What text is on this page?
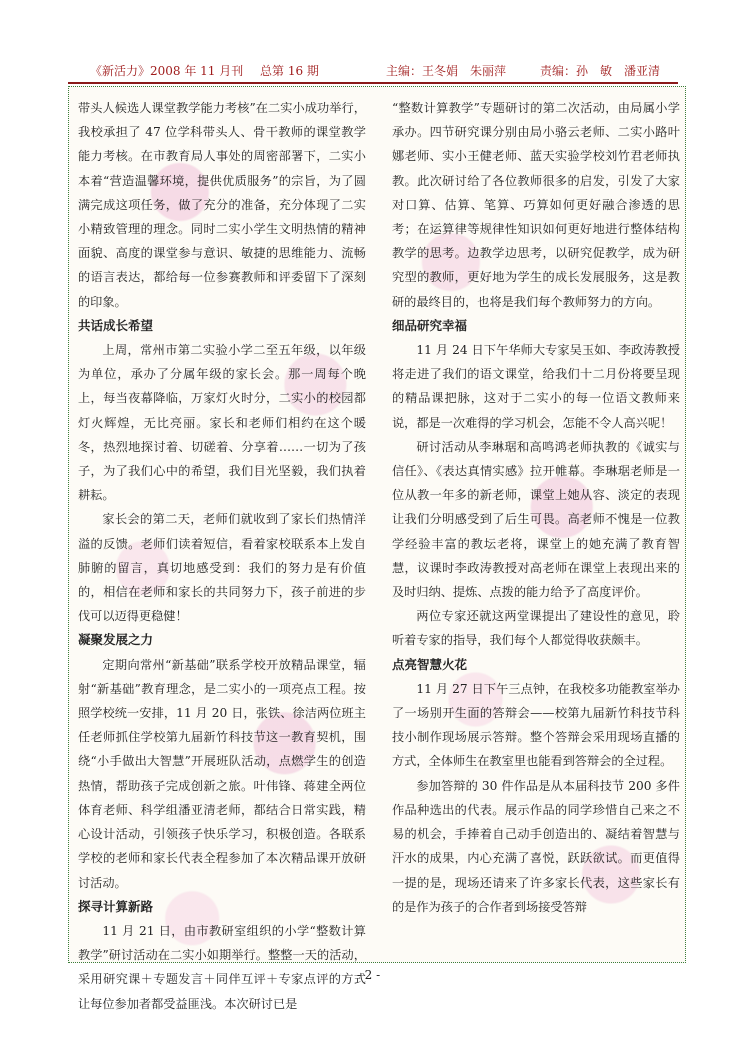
《新活力》2008 年 11 月刊 总第 16 期	主编：王冬娟　朱丽萍	责编：孙　敏　潘亚清

带头人候选人课堂教学能力考核”在二实小成功举行，我校承担了 47 位学科带头人、骨干教师的课堂教学能力考核。在市教育局人事处的周密部署下，二实小本着“营造温馨环境，提供优质服务”的宗旨，为了圆满完成这项任务，做了充分的准备，充分体现了二实小精致管理的理念。同时二实小学生文明热情的精神面貌、高度的课堂参与意识、敏捷的思维能力、流畅的语言表达，都给每一位参赛教师和评委留下了深刻的印象。

共话成长希望

上周，常州市第二实验小学二至五年级，以年级为单位，承办了分属年级的家长会。那一周每个晚上，每当夜幕降临，万家灯火时分，二实小的校园都灯火辉煌，无比亮丽。家长和老师们相约在这个暖冬，热烈地探讨着、切磋着、分享着……一切为了孩子，为了我们心中的希望，我们目光坚毅，我们执着耕耘。

家长会的第二天，老师们就收到了家长们热情洋溢的反馈。老师们读着短信，看着家校联系本上发自肺腑的留言，真切地感受到：我们的努力是有价值的，相信在老师和家长的共同努力下，孩子前进的步伐可以迈得更稳健！

凝聚发展之力

定期向常州“新基础”联系学校开放精品课堂，辐射“新基础”教育理念，是二实小的一项亮点工程。按照学校统一安排，11 月 20 日，张铁、徐洁两位班主任老师抓住学校第九届新竹科技节这一教育契机，围绕“小手做出大智慧”开展班队活动，点燃学生的创造热情，帮助孩子完成创新之旅。叶伟锋、蒋建全两位体育老师、科学组潘亚清老师，都结合日常实践，精心设计活动，引领孩子快乐学习，积极创造。各联系学校的老师和家长代表全程参加了本次精品课开放研讨活动。

探寻计算新路

11 月 21 日，由市教研室组织的小学“整数计算教学”研讨活动在二实小如期举行。整整一天的活动，采用研究课＋专题发言＋同伴互评＋专家点评的方式让每位参加者都受益匪浅。本次研讨已是

“整数计算教学”专题研讨的第二次活动，由局属小学承办。四节研究课分别由局小骆云老师、二实小路叶娜老师、实小王健老师、蓝天实验学校刘竹君老师执教。此次研讨给了各位教师很多的启发，引发了大家对口算、估算、笔算、巧算如何更好融合渗透的思考；在运算律等规律性知识如何更好地进行整体结构教学的思考。边教学边思考，以研究促教学，成为研究型的教师，更好地为学生的成长发展服务，这是教研的最终目的，也将是我们每个教师努力的方向。

细品研究幸福

11 月 24 日下午华师大专家吴玉如、李政涛教授将走进了我们的语文课堂，给我们十二月份将要呈现的精品课把脉，这对于二实小的每一位语文教师来说，都是一次难得的学习机会，怎能不令人高兴呢！

研讨活动从李琳琚和高鸣鸿老师执教的《诚实与信任》、《表达真情实感》拉开帷幕。李琳琚老师是一位从教一年多的新老师，课堂上她从容、淡定的表现让我们分明感受到了后生可畏。高老师不愧是一位教学经验丰富的教坛老将，课堂上的她充满了教育智慧，议课时李政涛教授对高老师在课堂上表现出来的及时归纳、提炼、点拨的能力给予了高度评价。

两位专家还就这两堂课提出了建设性的意见，聆听着专家的指导，我们每个人都觉得收获颇丰。

点亮智慧火花

11 月 27 日下午三点钟，在我校多功能教室举办了一场别开生面的答辩会——校第九届新竹科技节科技小制作现场展示答辩。整个答辩会采用现场直播的方式，全体师生在教室里也能看到答辩会的全过程。

参加答辩的 30 件作品是从本届科技节 200 多件作品种选出的代表。展示作品的同学珍惜自己来之不易的机会，手捧着自己动手创造出的、凝结着智慧与汗水的成果，内心充满了喜悦，跃跃欲试。而更值得一提的是，现场还请来了许多家长代表，这些家长有的是作为孩子的合作者到场接受答辩

- 2 -
